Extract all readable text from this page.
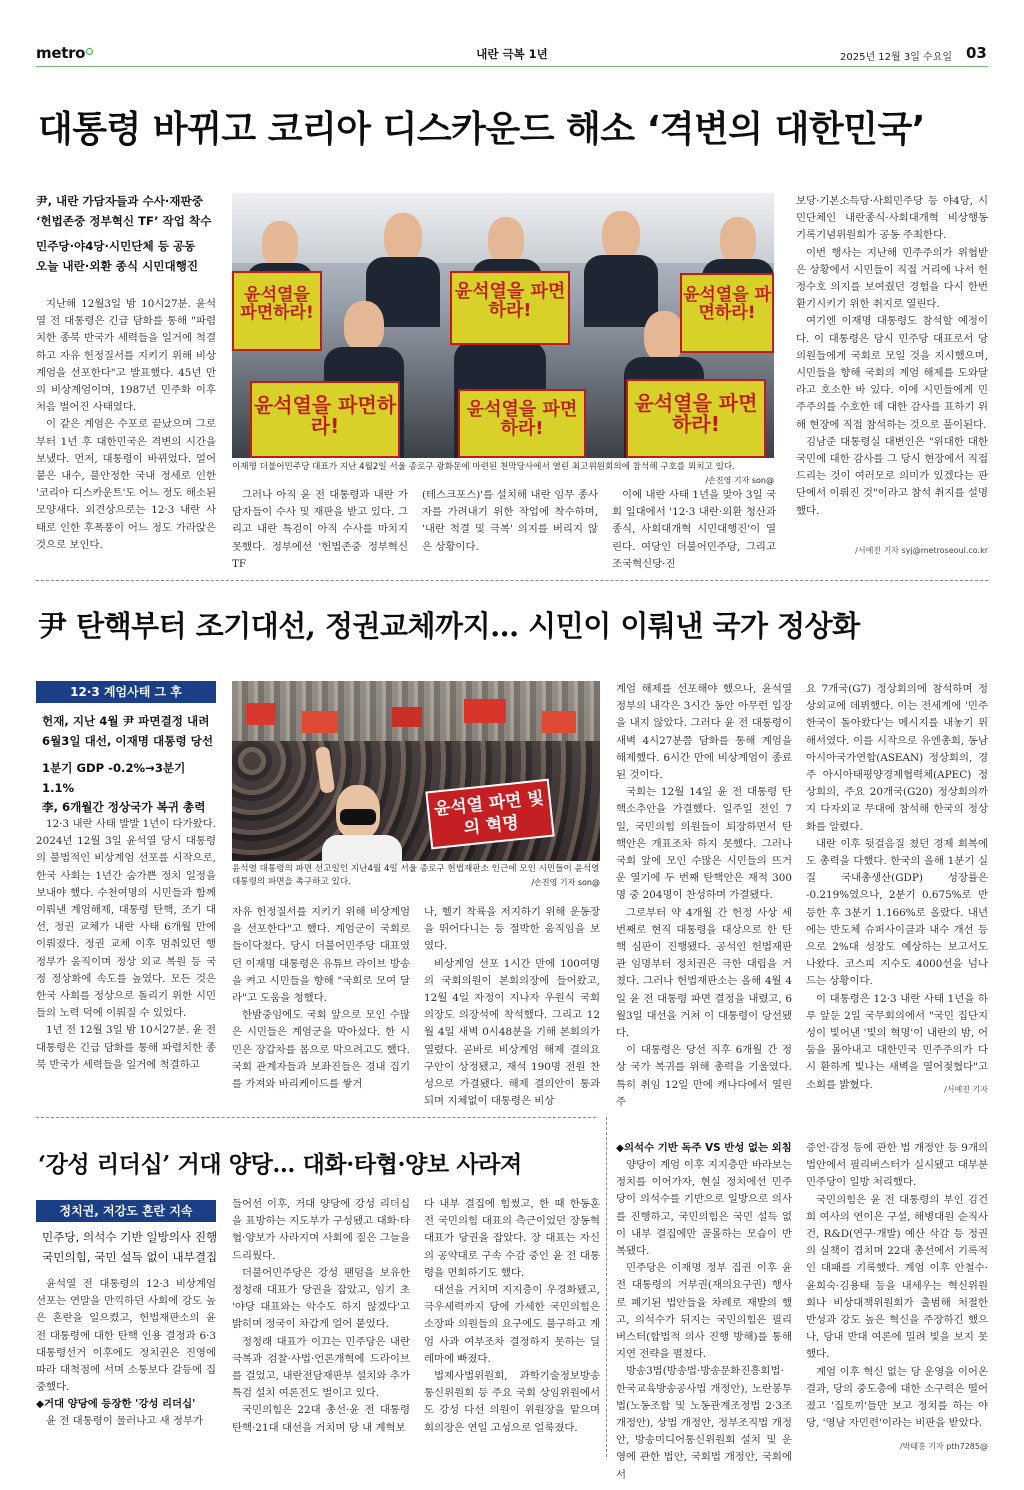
metro	내란 극복 1년	2025년 12월 3일 수요일 03
대통령 바뀌고 코리아 디스카운드 해소 ‘격변의 대한민국’
尹, 내란 가담자들과 수사·재판중
‘헌법존중 정부혁신 TF’ 작업 착수
민주당·야4당·시민단체 등 공동
오늘 내란·외환 종식 시민대행진

지난해 12월3일 밤 10시27분. 윤석열 전 대통령은 긴급 담화를 통해 "파렴치한 종북 반국가 세력들을 일거에 척결하고 자유 헌정질서를 지키기 위해 비상계엄을 선포한다"고 발표했다. 45년 만의 비상계엄이며, 1987년 민주화 이후 처음 벌어진 사태였다.

이 같은 계엄은 수포로 끝났으며 그로부터 1년 후 대한민국은 격변의 시간을 보냈다. 먼저, 대통령이 바뀌었다. 얼어붙은 내수, 불안정한 국내 정세로 인한 '코리아 디스카운트'도 어느 정도 해소된 모양새다. 외견상으로는 12·3 내란 사태로 인한 후폭풍이 어느 정도 가라앉은 것으로 보인다.

윤석열을 파면하라!
윤석열을 파면하라!
윤석열을 파면하라!
윤석열을 파면하라!
윤석열을 파면하라!
윤석열을 파면하라!
이재명 더불어민주당 대표가 지난 4월2일 서울 종로구 광화문에 마련된 천막당사에서 열린 최고위원회의에 참석해 구호를 외치고 있다.
/손진영 기자 son@

그러나 아직 윤 전 대통령과 내란 가담자들이 수사 및 재판을 받고 있다. 그리고 내란 특검이 아직 수사를 마치지 못했다. 정부에선 '헌법존중 정부혁신 TF

(테스크포스)'를 설치해 내란 임무 종사자를 가려내기 위한 작업에 착수하며, '내란 척결 및 극복' 의지를 버리지 않은 상황이다.

이에 내란 사태 1년을 맞아 3일 국회 일대에서 '12·3 내란·외환 청산과 종식, 사회대개혁 시민대행진'이 열린다. 여당인 더불어민주당, 그리고 조국혁신당·진

보당·기본소득당·사회민주당 등 야4당, 시민단체인 내란종식·사회대개혁 비상행동 기록기념위원회가 공동 주최한다.

이번 행사는 지난해 민주주의가 위협받은 상황에서 시민들이 직접 거리에 나서 헌정수호 의지를 보여줬던 경험을 다시 한번 환기시키기 위한 취지로 열린다.

여기엔 이재명 대통령도 참석할 예정이다. 이 대통령은 당시 민주당 대표로서 당 의원들에게 국회로 모일 것을 지시했으며, 시민들을 향해 국회의 계엄 해제를 도와달라고 호소한 바 있다. 이에 시민들에게 민주주의를 수호한 데 대한 감사를 표하기 위해 현장에 직접 참석하는 것으로 풀이된다.

김남준 대통령실 대변인은 "위대한 대한국민에 대한 감사를 그 당시 현장에서 직접 드리는 것이 여러모로 의미가 있겠다는 판단에서 이뤄진 것"이라고 참석 취지를 설명했다.

/서예진 기자 syj@metroseoul.co.kr
尹 탄핵부터 조기대선, 정권교체까지… 시민이 이뤄낸 국가 정상화
12·3 계엄사태 그 후
헌재, 지난 4월 尹 파면결정 내려
6월3일 대선, 이재명 대통령 당선
1분기 GDP -0.2%→3분기 1.1%
李, 6개월간 정상국가 복귀 총력

12·3 내란 사태 발발 1년이 다가왔다. 2024년 12월 3일 윤석열 당시 대통령의 불법적인 비상계엄 선포를 시작으로, 한국 사회는 1년간 숨가쁜 정치 일정을 보내야 했다. 수천여명의 시민들과 함께 이뤄낸 계엄해제, 대통령 탄핵, 조기 대선, 정권 교체가 내란 사태 6개월 만에 이뤄졌다. 정권 교체 이후 멈춰있던 행정부가 움직이며 정상 외교 복원 등 국정 정상화에 속도를 높였다. 모든 것은 한국 사회를 정상으로 돌리기 위한 시민들의 노력 덕에 이뤄질 수 있었다.

1년 전 12월 3일 밤 10시27분. 윤 전 대통령은 긴급 담화를 통해 파렴치한 종북 반국가 세력들을 일거에 척결하고

윤석열 파면 빛의 혁명
윤석열 대통령의 파면 선고일인 지난4월 4일 서울 종로구 헌법재판소 인근에 모인 시민들이 윤석열 대통령의 파면을 촉구하고 있다.	/손진영 기자 son@

자유 헌정질서를 지키기 위해 비상계엄을 선포한다"고 했다. 계엄군이 국회로 들이닥쳤다. 당시 더불어민주당 대표였던 이재명 대통령은 유튜브 라이브 방송을 켜고 시민들을 향해 "국회로 모여 달라"고 도움을 청했다.

한밤중임에도 국회 앞으로 모인 수많은 시민들은 계엄군을 막아섰다. 한 시민은 장갑차를 몸으로 막으려고도 했다. 국회 관계자들과 보좌진들은 경내 집기를 가져와 바리케이드를 쌓거

나, 헬기 착륙을 저지하기 위해 운동장을 뛰어다니는 등 절박한 움직임을 보였다.

비상계엄 선포 1시간 만에 100여명의 국회의원이 본회의장에 들어왔고, 12월 4일 자정이 지나자 우원식 국회의장도 의장석에 착석했다. 그리고 12월 4일 새벽 0시48분을 기해 본회의가 열렸다. 곧바로 비상계엄 해제 결의요구안이 상정됐고, 재석 190명 전원 찬성으로 가결됐다. 해제 결의안이 통과되며 지체없이 대통령은 비상

계엄 해제를 선포해야 했으나, 윤석열 정부의 내각은 3시간 동안 아무런 입장을 내지 않았다. 그러다 윤 전 대통령이 새벽 4시27분쯤 담화를 통해 계엄을 해제했다. 6시간 만에 비상계엄이 종료된 것이다.

국회는 12월 14일 윤 전 대통령 탄핵소추안을 가결했다. 일주일 전인 7일, 국민의힘 의원들이 퇴장하면서 탄핵안은 개표조차 하지 못했다. 그러나 국회 앞에 모인 수많은 시민들의 뜨거운 열기에 두 번째 탄핵안은 재적 300명 중 204명이 찬성하며 가결됐다.

그로부터 약 4개월 간 헌정 사상 세 번째로 현직 대통령을 대상으로 한 탄핵 심판이 진행됐다. 공석인 헌법재판관 임명부터 정치권은 극한 대립을 거쳤다. 그러나 헌법재판소는 올해 4월 4일 윤 전 대통령 파면 결정을 내렸고, 6월3일 대선을 거쳐 이 대통령이 당선됐다.

이 대통령은 당선 직후 6개월 간 정상 국가 복귀를 위해 총력을 기울였다. 특히 취임 12일 만에 캐나다에서 열린 주

요 7개국(G7) 정상회의에 참석하며 정상외교에 데뷔했다. 이는 전세계에 '민주 한국이 돌아왔다'는 메시지를 내놓기 위해서였다. 이를 시작으로 유엔총회, 동남아시아국가연합(ASEAN) 정상회의, 경주 아시아태평양경제협력체(APEC) 정상회의, 주요 20개국(G20) 정상회의까지 다자외교 무대에 참석해 한국의 정상화를 알렸다.

내란 이후 뒷걸음질 쳤던 경제 회복에도 총력을 다했다. 한국의 올해 1분기 실질 국내총생산(GDP) 성장률은 -0.219%였으나, 2분기 0.675%로 반등한 후 3분기 1.166%로 올랐다. 내년에는 반도체 슈퍼사이클과 내수 개선 등으로 2%대 성장도 예상하는 보고서도 나왔다. 코스피 지수도 4000선을 넘나드는 상황이다.

이 대통령은 12·3 내란 사태 1년을 하루 앞둔 2일 국무회의에서 "국민 집단지성이 빛어낸 '빛의 혁명'이 내란의 밤, 어둠을 몰아내고 대한민국 민주주의가 다시 환하게 빛나는 새벽을 열어젖혔다"고 소회를 밝혔다.	/서예진 기자
‘강성 리더십’ 거대 양당… 대화·타협·양보 사라져
정치권, 저강도 혼란 지속
민주당, 의석수 기반 일방의사 진행
국민의힘, 국민 설득 없이 내부결집

윤석열 전 대통령의 12·3 비상계엄 선포는 연말을 만끽하던 사회에 강도 높은 혼란을 일으켰고, 헌법재판소의 윤 전 대통령에 대한 탄핵 인용 결정과 6·3 대통령선거 이후에도 정치권은 진영에 따라 대척점에 서며 소통보다 갈등에 집중했다.

◆거대 양당에 등장한 '강성 리더십'

윤 전 대통령이 물러나고 새 정부가

들어선 이후, 거대 양당에 강성 리더십을 표방하는 지도부가 구성됐고 대화·타협·양보가 사라지며 사회에 짙은 그늘을 드리웠다.

더불어민주당은 강성 팬덤을 보유한 정청래 대표가 당권을 잡았고, 임기 초 '야당 대표와는 악수도 하지 않겠다'고 밝히며 정국이 차갑게 얼어 붙었다.

정청래 대표가 이끄는 민주당은 내란 극복과 검찰·사법·언론개혁에 드라이브를 걸었고, 내란전담재판부 설치와 추가 특검 설치 여론전도 벌이고 있다.

국민의힘은 22대 총선·윤 전 대통령 탄핵·21대 대선을 거치며 당 내 계혁보

다 내부 결집에 힘썼고, 한 때 한동훈 전 국민의힘 대표의 측근이었던 장동혁 대표가 당권을 잡았다. 장 대표는 자신의 공약대로 구속 수감 중인 윤 전 대통령을 면회하기도 했다.

대선을 거치며 지지층이 우경화됐고, 극우세력까지 당에 가세한 국민의힘은 소장파 의원들의 요구에도 불구하고 계엄 사과 여부조차 결정하지 못하는 딜레마에 빠졌다.

법제사법위원회, 과학기술정보방송통신위원회 등 주요 국회 상임위원에서도 강성 다선 의원이 위원장을 맡으며 회의장은 연일 고성으로 얼룩졌다.

◆의석수 기반 독주 VS 반성 없는 외침

양당이 계엄 이후 지지층만 바라보는 정치를 이어가자, 현실 정치에선 민주당이 의석수를 기반으로 일방으로 의사를 진행하고, 국민의힘은 국민 설득 없이 내부 결집에만 골몰하는 모습이 반복됐다.

민주당은 이재명 정부 집권 이후 윤 전 대통령의 거부권(재의요구권) 행사로 폐기된 법안들을 차례로 재발의 했고, 의석수가 뒤지는 국민의힘은 필리버스터(합법적 의사 진행 방해)를 통해 지연 전략을 펼쳤다.

방송3법(방송법·방송문화진흥회법·한국교육방송공사법 개정안), 노란봉투법(노동조합 및 노동관계조정법 2·3조 개정안), 상법 개정안, 정부조직법 개정안, 방송미디어통신위원회 설치 및 운영에 관한 법안, 국회법 개정안, 국회에서

증언·감정 등에 관한 법 개정안 등 9개의 법안에서 필리버스터가 실시됐고 대부분 민주당이 일방 처리했다.

국민의힘은 윤 전 대통령의 부인 김건희 여사의 연이은 구설, 해병대원 순직사건, R&D(연구·개발) 예산 삭감 등 정권의 실책이 겹치며 22대 총선에서 기록적인 대패를 기록했다. 계엄 이후 안철수·윤희숙·김용태 등을 내세우는 혁신위원회나 비상대책위원회가 출범해 처절한 반성과 강도 높은 혁신을 주장하긴 했으나, 당내 반대 여론에 밀려 빛을 보지 못했다.

계엄 이후 혁신 없는 당 운영을 이어온 결과, 당의 중도층에 대한 소구력은 떨어졌고 '집토끼'들만 보고 정치를 하는 야당, '영남 자민련'이라는 비판을 받았다.

/박태홍 기자 pth7285@
